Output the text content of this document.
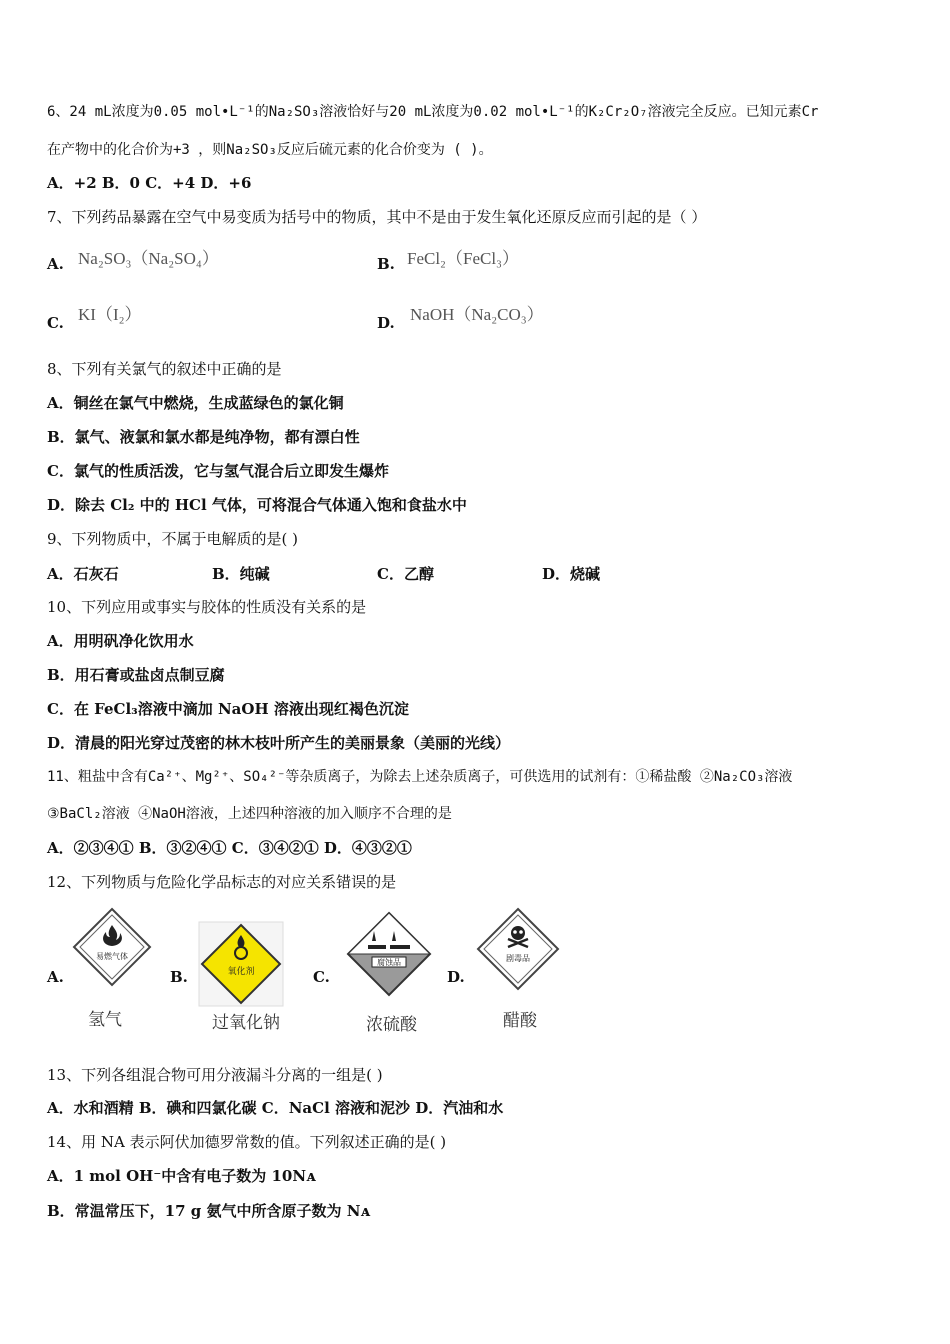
6、24 mL浓度为0.05 mol•L⁻¹的Na₂SO₃溶液恰好与20 mL浓度为0.02 mol•L⁻¹的K₂Cr₂O₇溶液完全反应。已知元素Cr
在产物中的化合价为+3 ，则Na₂SO₃反应后硫元素的化合价变为 ( )。
A．+2 B．0 C．+4 D．+6
7、下列药品暴露在空气中易变质为括号中的物质，其中不是由于发生氧化还原反应而引起的是（ ）
A. Na₂SO₃（Na₂SO₄）	B. FeCl₂（FeCl₃）
C. KI（I₂）	D. NaOH（Na₂CO₃）
8、下列有关氯气的叙述中正确的是
A．铜丝在氯气中燃烧，生成蓝绿色的氯化铜
B．氯气、液氯和氯水都是纯净物，都有漂白性
C．氯气的性质活泼，它与氢气混合后立即发生爆炸
D．除去 Cl₂ 中的 HCl 气体，可将混合气体通入饱和食盐水中
9、下列物质中，不属于电解质的是( )
A．石灰石	B．纯碱	C．乙醇	D．烧碱
10、下列应用或事实与胶体的性质没有关系的是
A．用明矾净化饮用水
B．用石膏或盐卤点制豆腐
C．在 FeCl₃溶液中滴加 NaOH 溶液出现红褐色沉淀
D．清晨的阳光穿过茂密的林木枝叶所产生的美丽景象（美丽的光线）
11、粗盐中含有Ca²⁺、Mg²⁺、SO₄²⁻等杂质离子，为除去上述杂质离子，可供选用的试剂有：①稀盐酸 ②Na₂CO₃溶液
③BaCl₂溶液 ④NaOH溶液，上述四种溶液的加入顺序不合理的是
A．②③④① B．③②④① C．③④②① D．④③②①
12、下列物质与危险化学品标志的对应关系错误的是
A.
易燃气体
氢气
B.	氧化剂
过氧化钠
C.
腐蚀品
浓硫酸
D.
剧毒品
醋酸
13、下列各组混合物可用分液漏斗分离的一组是( )
A．水和酒精 B．碘和四氯化碳 C．NaCl 溶液和泥沙 D．汽油和水
14、用 NA 表示阿伏加德罗常数的值。下列叙述正确的是( )
A．1 mol OH⁻中含有电子数为 10Nᴀ
B．常温常压下，17 g 氨气中所含原子数为 Nᴀ
